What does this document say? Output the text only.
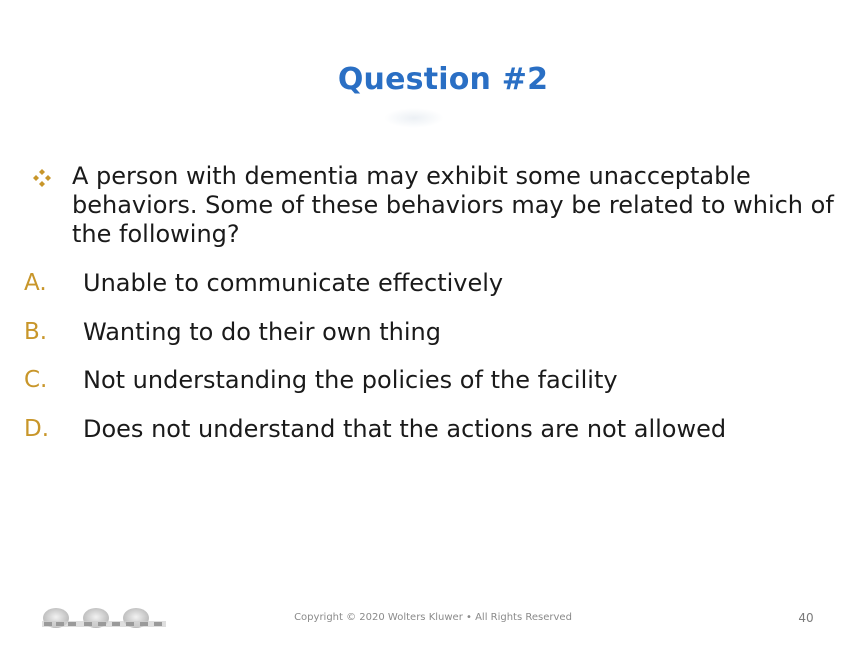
Question #2
A person with dementia may exhibit some unacceptable behaviors. Some of these behaviors may be related to which of the following?
A.	Unable to communicate effectively
B.	Wanting to do their own thing
C.	Not understanding the policies of the facility
D.	Does not understand that the actions are not allowed
Copyright © 2020 Wolters Kluwer • All Rights Reserved	40
